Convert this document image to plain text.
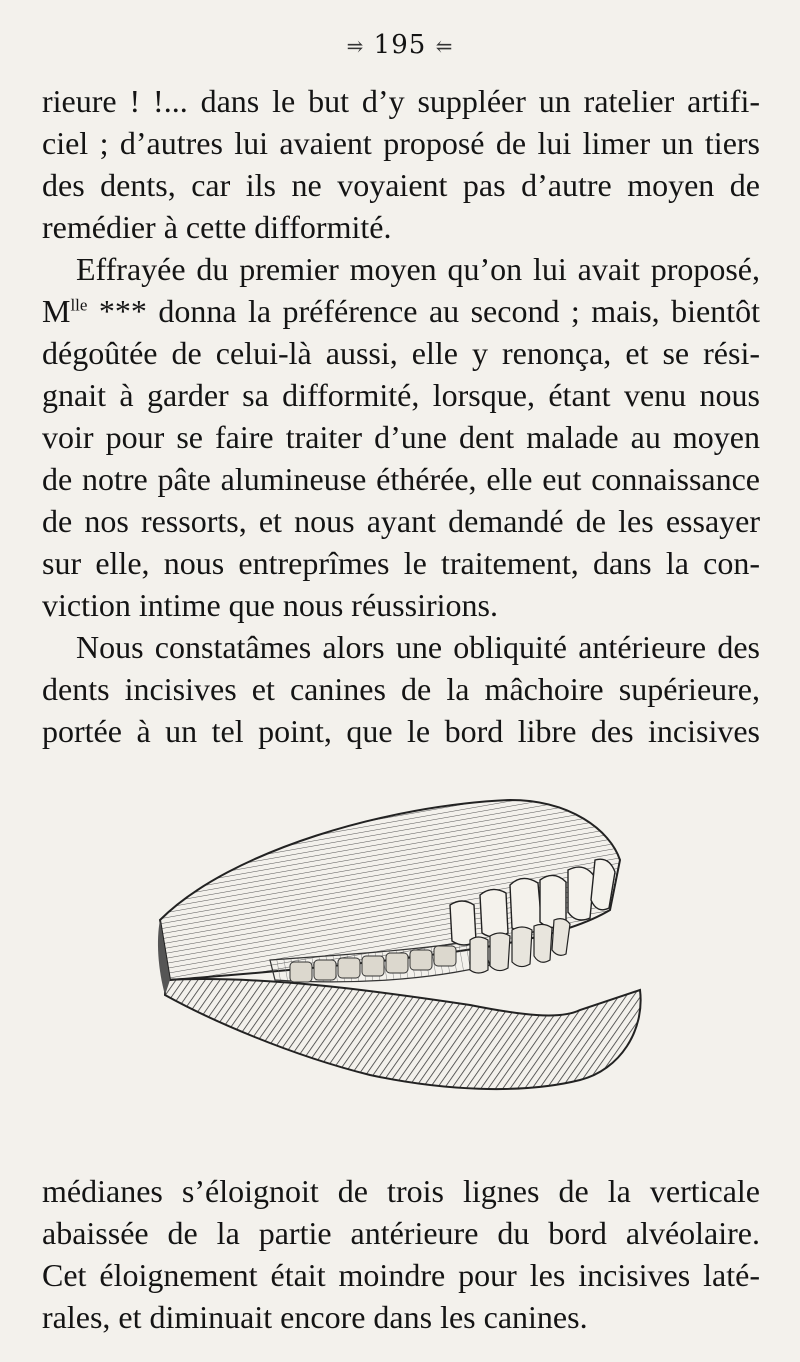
⥤ 195 ⥢
rieure ! !... dans le but d’y suppléer un ratelier artifi-
ciel ; d’autres lui avaient proposé de lui limer un tiers
des dents, car ils ne voyaient pas d’autre moyen de
remédier à cette difformité.
Effrayée du premier moyen qu’on lui avait proposé,
$M^{lle}$ *** donna la préférence au second ; mais, bientôt
dégoûtée de celui-là aussi, elle y renonça, et se rési-
gnait à garder sa difformité, lorsque, étant venu nous
voir pour se faire traiter d’une dent malade au moyen
de notre pâte alumineuse éthérée, elle eut connaissance
de nos ressorts, et nous ayant demandé de les essayer
sur elle, nous entreprîmes le traitement, dans la con-
viction intime que nous réussirions.
Nous constatâmes alors une obliquité antérieure des
dents incisives et canines de la mâchoire supérieure,
portée à un tel point, que le bord libre des incisives
médianes s’éloignoit de trois lignes de la verticale
abaissée de la partie antérieure du bord alvéolaire.
Cet éloignement était moindre pour les incisives laté-
rales, et diminuait encore dans les canines.
